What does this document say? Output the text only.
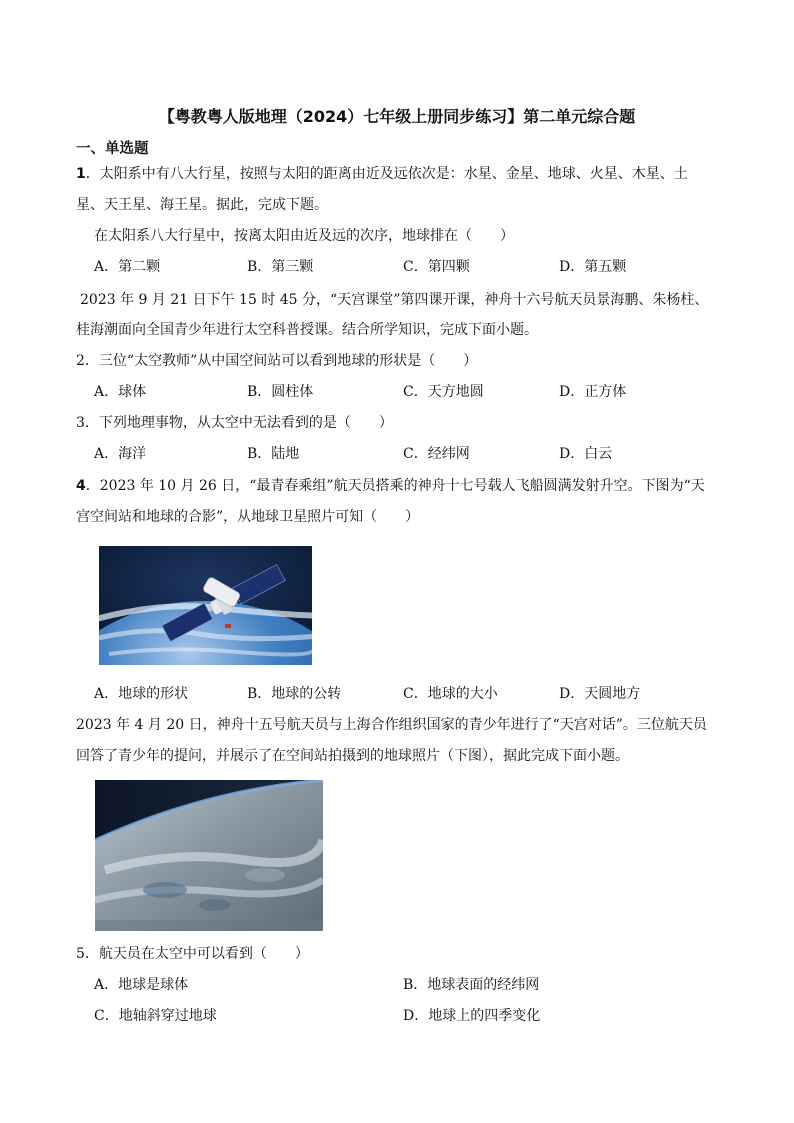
【粤教粤人版地理（2024）七年级上册同步练习】第二单元综合题
一、单选题
1．太阳系中有八大行星，按照与太阳的距离由近及远依次是：水星、金星、地球、火星、木星、土
星、天王星、海王星。据此，完成下题。
在太阳系八大行星中，按离太阳由近及远的次序，地球排在（　　）
A．第二颗	B．第三颗	C．第四颗	D．第五颗
2023 年 9 月 21 日下午 15 时 45 分，“天宫课堂”第四课开课，神舟十六号航天员景海鹏、朱杨柱、
桂海潮面向全国青少年进行太空科普授课。结合所学知识，完成下面小题。
2．三位“太空教师”从中国空间站可以看到地球的形状是（　　）
A．球体	B．圆柱体	C．天方地圆	D．正方体
3．下列地理事物，从太空中无法看到的是（　　）
A．海洋	B．陆地	C．经纬网	D．白云
4．2023 年 10 月 26 日，“最青春乘组”航天员搭乘的神舟十七号载人飞船圆满发射升空。下图为“天
宫空间站和地球的合影”，从地球卫星照片可知（　　）
A．地球的形状	B．地球的公转	C．地球的大小	D．天圆地方
2023 年 4 月 20 日，神舟十五号航天员与上海合作组织国家的青少年进行了“天宫对话”。三位航天员
回答了青少年的提问，并展示了在空间站拍摄到的地球照片（下图），据此完成下面小题。
5．航天员在太空中可以看到（　　）
A．地球是球体	B．地球表面的经纬网
C．地轴斜穿过地球	D．地球上的四季变化
